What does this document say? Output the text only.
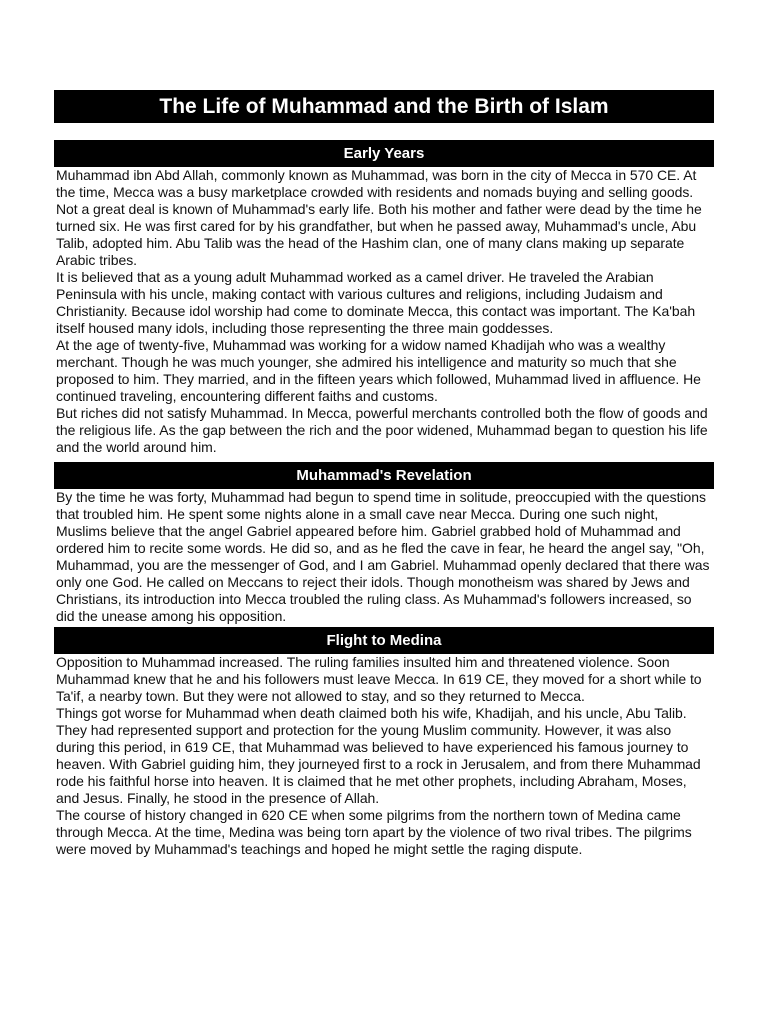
The Life of Muhammad and the Birth of Islam
Early Years

Muhammad ibn Abd Allah, commonly known as Muhammad, was born in the city of Mecca in 570 CE. At the time, Mecca was a busy marketplace crowded with residents and nomads buying and selling goods. Not a great deal is known of Muhammad's early life. Both his mother and father were dead by the time he turned six. He was first cared for by his grandfather, but when he passed away, Muhammad's uncle, Abu Talib, adopted him. Abu Talib was the head of the Hashim clan, one of many clans making up separate Arabic tribes.

It is believed that as a young adult Muhammad worked as a camel driver. He traveled the Arabian Peninsula with his uncle, making contact with various cultures and religions, including Judaism and Christianity. Because idol worship had come to dominate Mecca, this contact was important. The Ka'bah itself housed many idols, including those representing the three main goddesses.

At the age of twenty-five, Muhammad was working for a widow named Khadijah who was a wealthy merchant. Though he was much younger, she admired his intelligence and maturity so much that she proposed to him. They married, and in the fifteen years which followed, Muhammad lived in affluence. He continued traveling, encountering different faiths and customs.

But riches did not satisfy Muhammad. In Mecca, powerful merchants controlled both the flow of goods and the religious life. As the gap between the rich and the poor widened, Muhammad began to question his life and the world around him.

Muhammad's Revelation

By the time he was forty, Muhammad had begun to spend time in solitude, preoccupied with the questions that troubled him. He spent some nights alone in a small cave near Mecca. During one such night, Muslims believe that the angel Gabriel appeared before him. Gabriel grabbed hold of Muhammad and ordered him to recite some words. He did so, and as he fled the cave in fear, he heard the angel say, "Oh, Muhammad, you are the messenger of God, and I am Gabriel. Muhammad openly declared that there was only one God. He called on Meccans to reject their idols. Though monotheism was shared by Jews and Christians, its introduction into Mecca troubled the ruling class. As Muhammad's followers increased, so did the unease among his opposition.

Flight to Medina

Opposition to Muhammad increased. The ruling families insulted him and threatened violence. Soon Muhammad knew that he and his followers must leave Mecca. In 619 CE, they moved for a short while to Ta'if, a nearby town. But they were not allowed to stay, and so they returned to Mecca.

Things got worse for Muhammad when death claimed both his wife, Khadijah, and his uncle, Abu Talib. They had represented support and protection for the young Muslim community. However, it was also during this period, in 619 CE, that Muhammad was believed to have experienced his famous journey to heaven. With Gabriel guiding him, they journeyed first to a rock in Jerusalem, and from there Muhammad rode his faithful horse into heaven. It is claimed that he met other prophets, including Abraham, Moses, and Jesus. Finally, he stood in the presence of Allah.

The course of history changed in 620 CE when some pilgrims from the northern town of Medina came through Mecca. At the time, Medina was being torn apart by the violence of two rival tribes. The pilgrims were moved by Muhammad's teachings and hoped he might settle the raging dispute.
